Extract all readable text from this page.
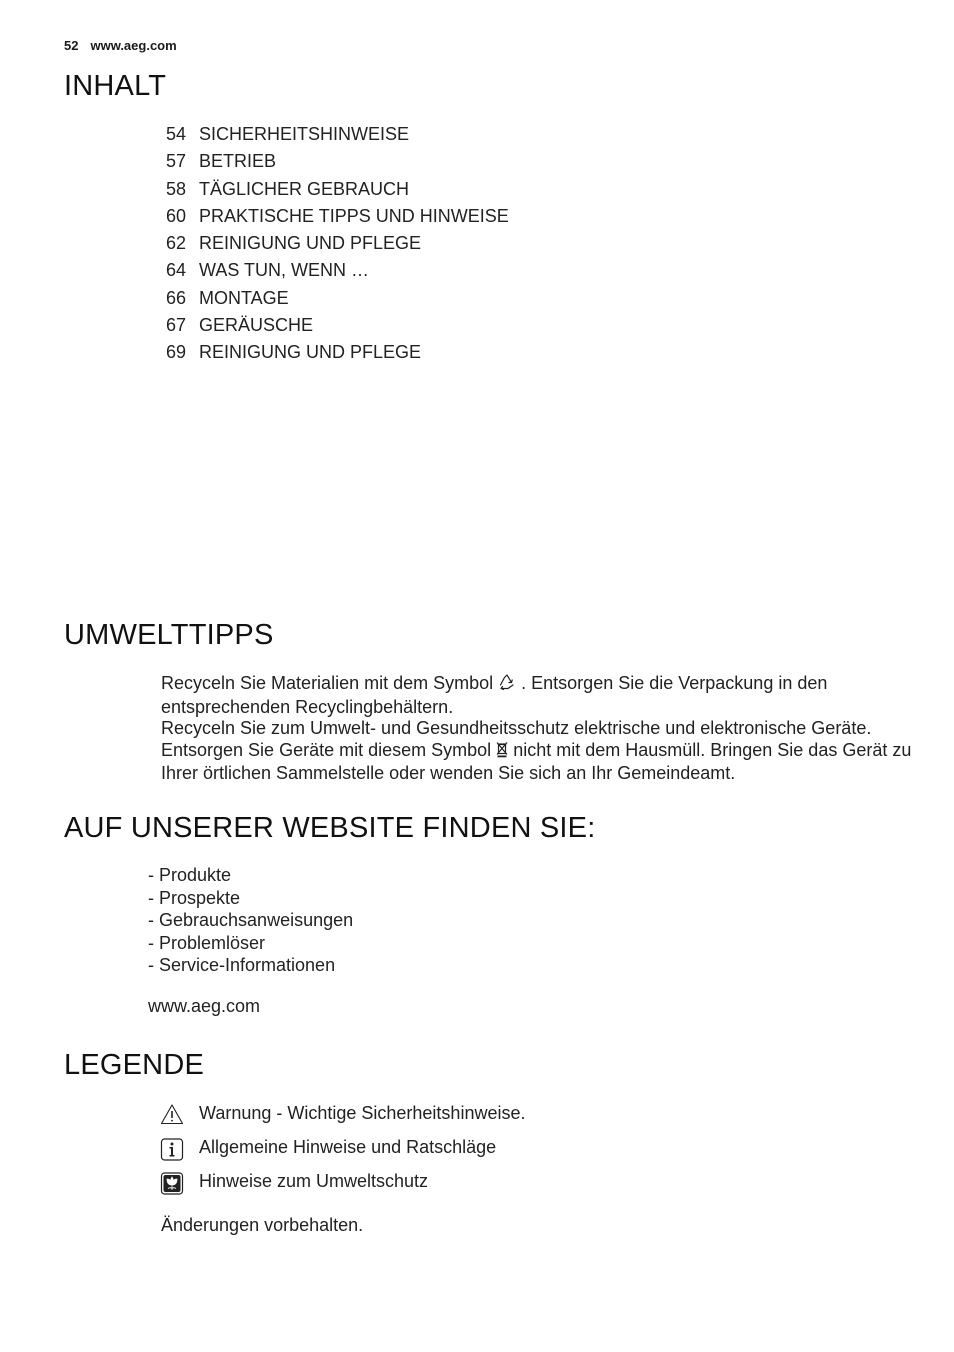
52 www.aeg.com
INHALT
54 SICHERHEITSHINWEISE
57 BETRIEB
58 TÄGLICHER GEBRAUCH
60 PRAKTISCHE TIPPS UND HINWEISE
62 REINIGUNG UND PFLEGE
64 WAS TUN, WENN …
66 MONTAGE
67 GERÄUSCHE
69 REINIGUNG UND PFLEGE
UMWELTTIPPS

Recyceln Sie Materialien mit dem Symbol . Entsorgen Sie die Verpackung in den entsprechenden Recyclingbehältern.

Recyceln Sie zum Umwelt- und Gesundheitsschutz elektrische und elektronische Geräte. Entsorgen Sie Geräte mit diesem Symbol nicht mit dem Hausmüll. Bringen Sie das Gerät zu Ihrer örtlichen Sammelstelle oder wenden Sie sich an Ihr Gemeindeamt.

AUF UNSERER WEBSITE FINDEN SIE:
- Produkte
- Prospekte
- Gebrauchsanweisungen
- Problemlöser
- Service-Informationen
www.aeg.com
LEGENDE
Warnung - Wichtige Sicherheitshinweise.
Allgemeine Hinweise und Ratschläge
Hinweise zum Umweltschutz
Änderungen vorbehalten.
